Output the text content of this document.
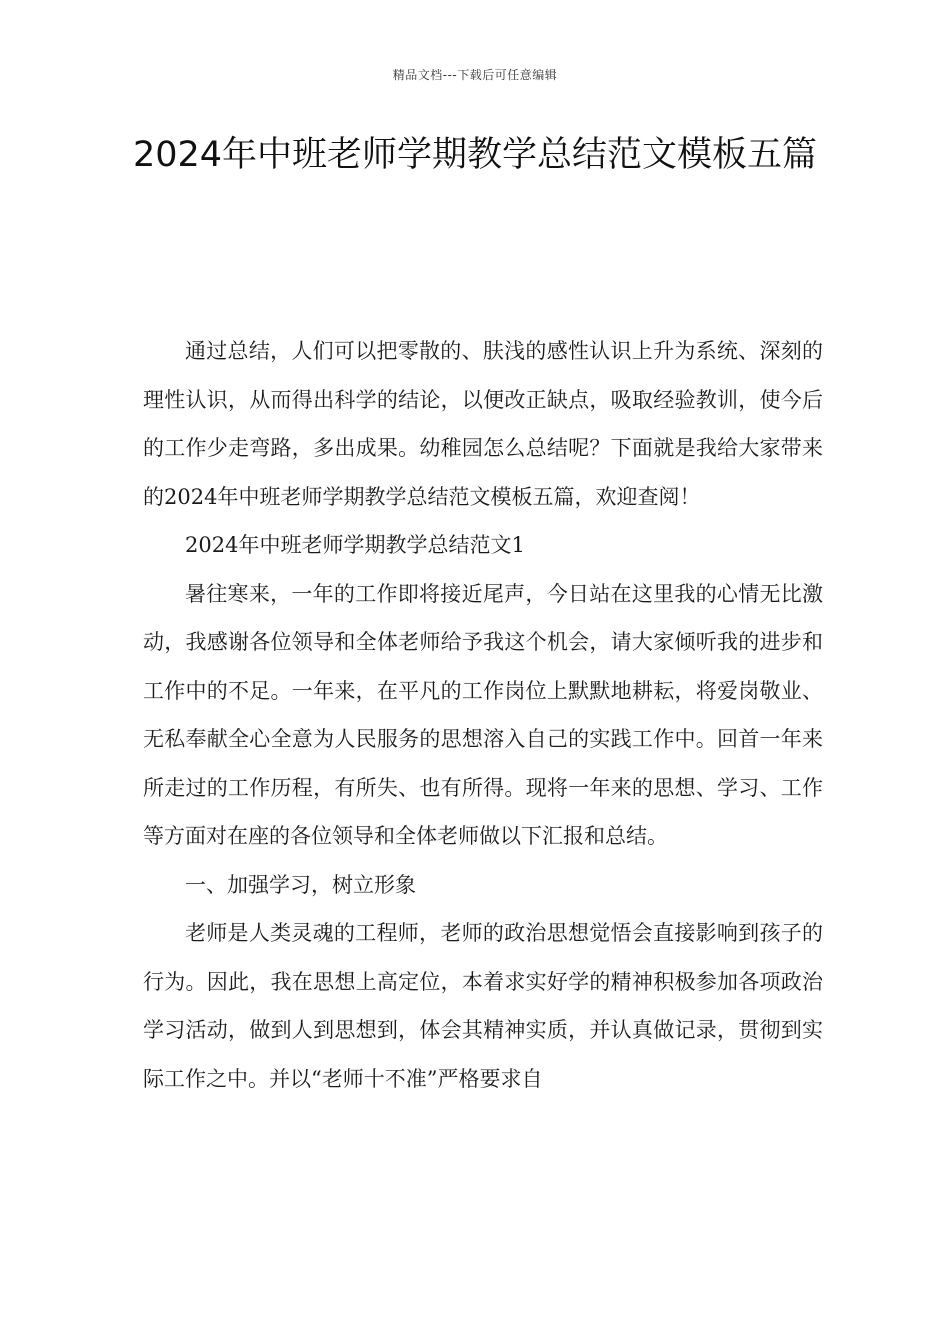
精品文档---下载后可任意编辑
2024年中班老师学期教学总结范文模板五篇

通过总结，人们可以把零散的、肤浅的感性认识上升为系统、深刻的理性认识，从而得出科学的结论，以便改正缺点，吸取经验教训，使今后的工作少走弯路，多出成果。幼稚园怎么总结呢？下面就是我给大家带来的2024年中班老师学期教学总结范文模板五篇，欢迎查阅！

2024年中班老师学期教学总结范文1

暑往寒来，一年的工作即将接近尾声，今日站在这里我的心情无比激动，我感谢各位领导和全体老师给予我这个机会，请大家倾听我的进步和工作中的不足。一年来，在平凡的工作岗位上默默地耕耘，将爱岗敬业、无私奉献全心全意为人民服务的思想溶入自己的实践工作中。回首一年来所走过的工作历程，有所失、也有所得。现将一年来的思想、学习、工作等方面对在座的各位领导和全体老师做以下汇报和总结。

一、加强学习，树立形象

老师是人类灵魂的工程师，老师的政治思想觉悟会直接影响到孩子的行为。因此，我在思想上高定位，本着求实好学的精神积极参加各项政治学习活动，做到人到思想到，体会其精神实质，并认真做记录，贯彻到实际工作之中。并以“老师十不准”严格要求自
